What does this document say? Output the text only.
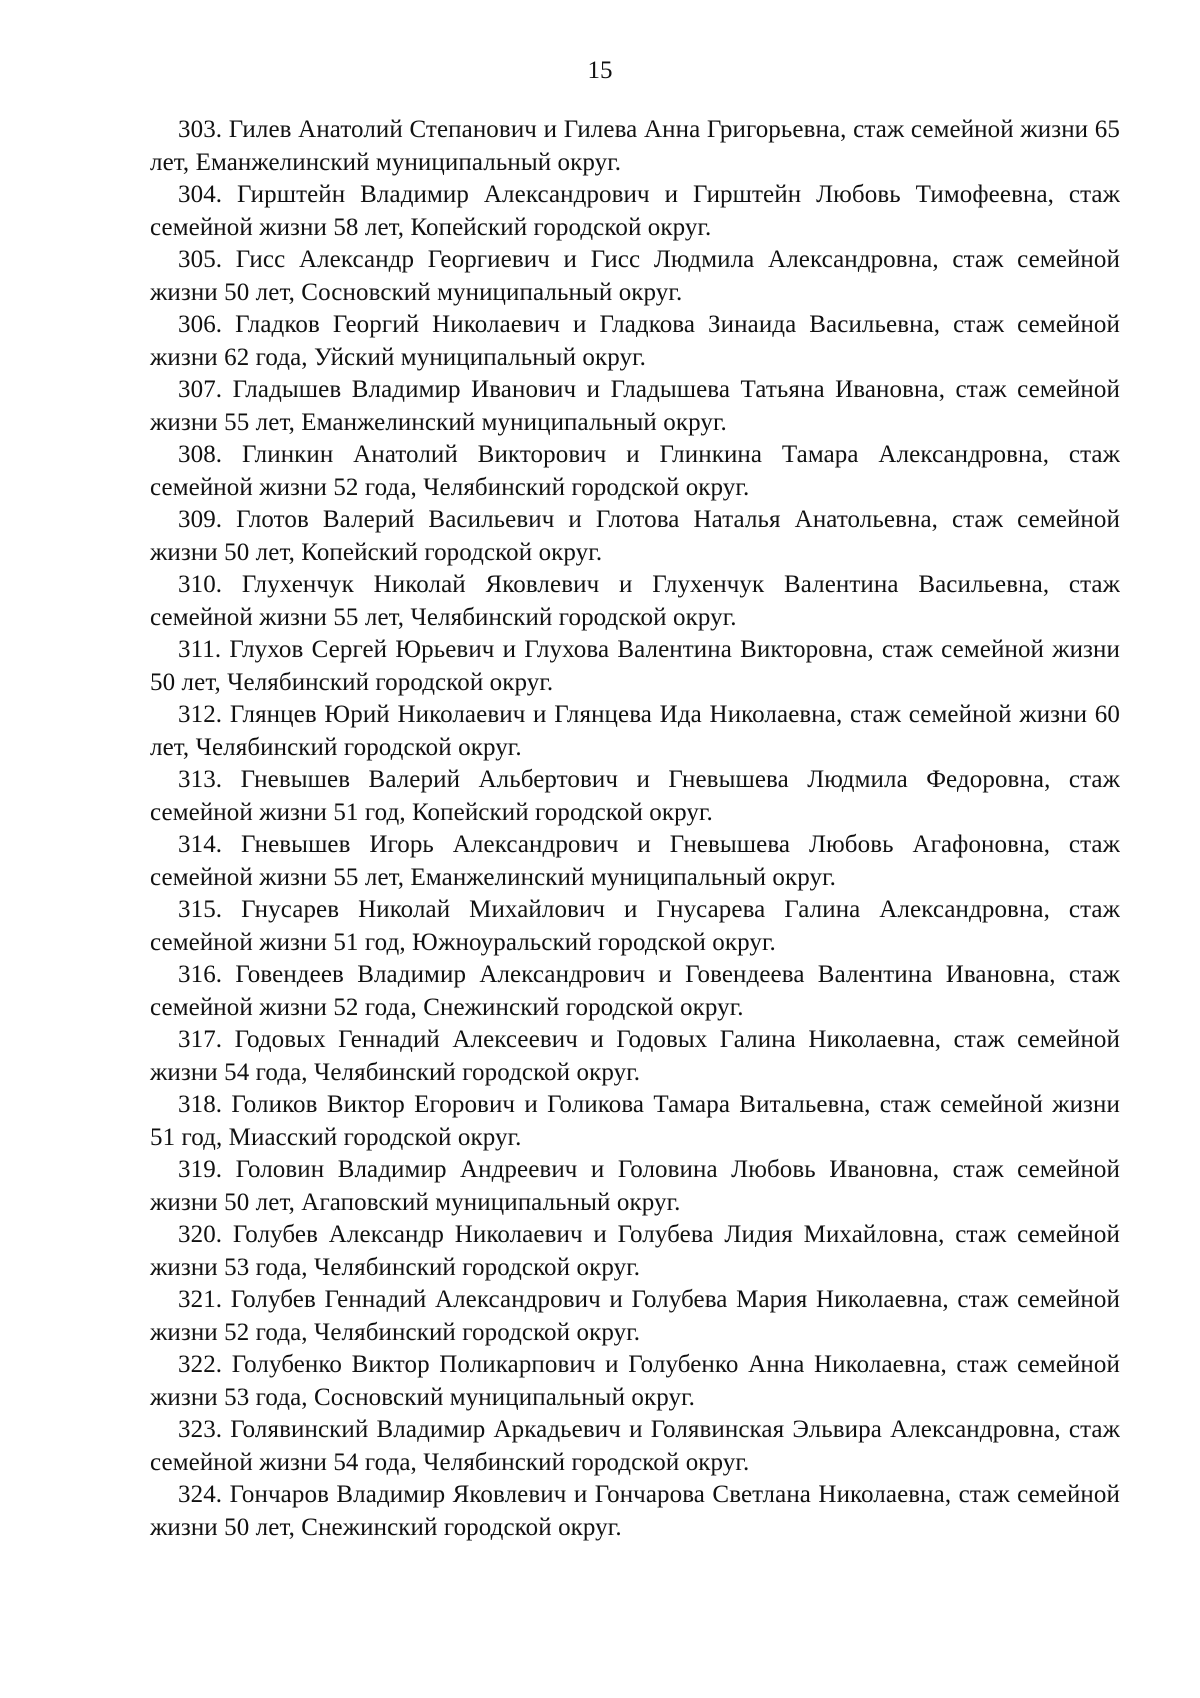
15

303. Гилев Анатолий Степанович и Гилева Анна Григорьевна, стаж семейной жизни 65 лет, Еманжелинский муниципальный округ.

304. Гирштейн Владимир Александрович и Гирштейн Любовь Тимофеевна, стаж семейной жизни 58 лет, Копейский городской округ.

305. Гисс Александр Георгиевич и Гисс Людмила Александровна, стаж семейной жизни 50 лет, Сосновский муниципальный округ.

306. Гладков Георгий Николаевич и Гладкова Зинаида Васильевна, стаж семейной жизни 62 года, Уйский муниципальный округ.

307. Гладышев Владимир Иванович и Гладышева Татьяна Ивановна, стаж семейной жизни 55 лет, Еманжелинский муниципальный округ.

308. Глинкин Анатолий Викторович и Глинкина Тамара Александровна, стаж семейной жизни 52 года, Челябинский городской округ.

309. Глотов Валерий Васильевич и Глотова Наталья Анатольевна, стаж семейной жизни 50 лет, Копейский городской округ.

310. Глухенчук Николай Яковлевич и Глухенчук Валентина Васильевна, стаж семейной жизни 55 лет, Челябинский городской округ.

311. Глухов Сергей Юрьевич и Глухова Валентина Викторовна, стаж семейной жизни 50 лет, Челябинский городской округ.

312. Глянцев Юрий Николаевич и Глянцева Ида Николаевна, стаж семейной жизни 60 лет, Челябинский городской округ.

313. Гневышев Валерий Альбертович и Гневышева Людмила Федоровна, стаж семейной жизни 51 год, Копейский городской округ.

314. Гневышев Игорь Александрович и Гневышева Любовь Агафоновна, стаж семейной жизни 55 лет, Еманжелинский муниципальный округ.

315. Гнусарев Николай Михайлович и Гнусарева Галина Александровна, стаж семейной жизни 51 год, Южноуральский городской округ.

316. Говендеев Владимир Александрович и Говендеева Валентина Ивановна, стаж семейной жизни 52 года, Снежинский городской округ.

317. Годовых Геннадий Алексеевич и Годовых Галина Николаевна, стаж семейной жизни 54 года, Челябинский городской округ.

318. Голиков Виктор Егорович и Голикова Тамара Витальевна, стаж семейной жизни 51 год, Миасский городской округ.

319. Головин Владимир Андреевич и Головина Любовь Ивановна, стаж семейной жизни 50 лет, Агаповский муниципальный округ.

320. Голубев Александр Николаевич и Голубева Лидия Михайловна, стаж семейной жизни 53 года, Челябинский городской округ.

321. Голубев Геннадий Александрович и Голубева Мария Николаевна, стаж семейной жизни 52 года, Челябинский городской округ.

322. Голубенко Виктор Поликарпович и Голубенко Анна Николаевна, стаж семейной жизни 53 года, Сосновский муниципальный округ.

323. Голявинский Владимир Аркадьевич и Голявинская Эльвира Александровна, стаж семейной жизни 54 года, Челябинский городской округ.

324. Гончаров Владимир Яковлевич и Гончарова Светлана Николаевна, стаж семейной жизни 50 лет, Снежинский городской округ.
